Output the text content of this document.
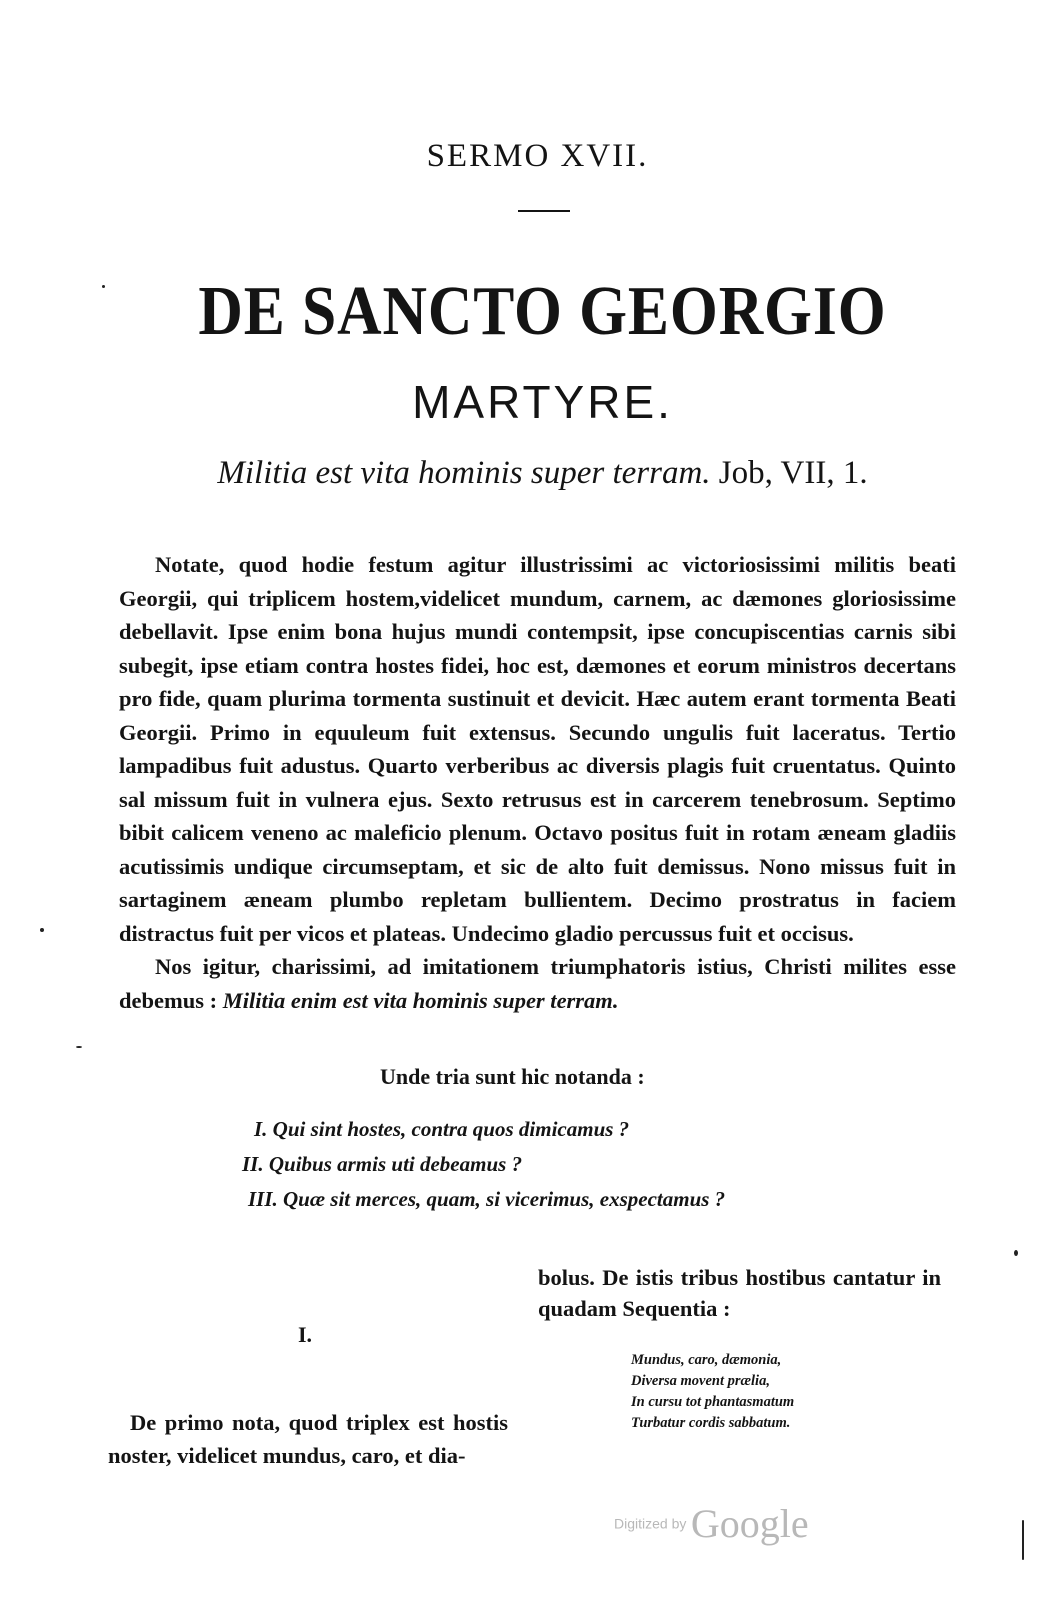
SERMO XVII.
DE SANCTO GEORGIO
MARTYRE.
Militia est vita hominis super terram. Job, VII, 1.

Notate, quod hodie festum agitur illustrissimi ac victoriosissimi militis beati Georgii, qui triplicem hostem,videlicet mundum, carnem, ac dæmones gloriosissime debellavit. Ipse enim bona hujus mundi contempsit, ipse concupiscentias carnis sibi subegit, ipse etiam contra hostes fidei, hoc est, dæmones et eorum ministros decertans pro fide, quam plurima tormenta sustinuit et devicit. Hæc autem erant tormenta Beati Georgii. Primo in equuleum fuit extensus. Secundo ungulis fuit laceratus. Tertio lampadibus fuit adustus. Quarto verberibus ac diversis plagis fuit cruentatus. Quinto sal missum fuit in vulnera ejus. Sexto retrusus est in carcerem tenebrosum. Septimo bibit calicem veneno ac maleficio plenum. Octavo positus fuit in rotam æneam gladiis acutissimis undique circumseptam, et sic de alto fuit demissus. Nono missus fuit in sartaginem æneam plumbo repletam bullientem. Decimo prostratus in faciem distractus fuit per vicos et plateas. Undecimo gladio percussus fuit et occisus.

Nos igitur, charissimi, ad imitationem triumphatoris istius, Christi milites esse debemus : Militia enim est vita hominis super terram.

Unde tria sunt hic notanda :
I. Qui sint hostes, contra quos dimicamus ?
II. Quibus armis uti debeamus ?
III. Quæ sit merces, quam, si vicerimus, exspectamus ?
I.
De primo nota, quod triplex est hostis noster, videlicet mundus, caro, et dia-
bolus. De istis tribus hostibus cantatur in quadam Sequentia :
Mundus, caro, dæmonia,
Diversa movent prælia,
In cursu tot phantasmatum
Turbatur cordis sabbatum.
Digitized by Google
